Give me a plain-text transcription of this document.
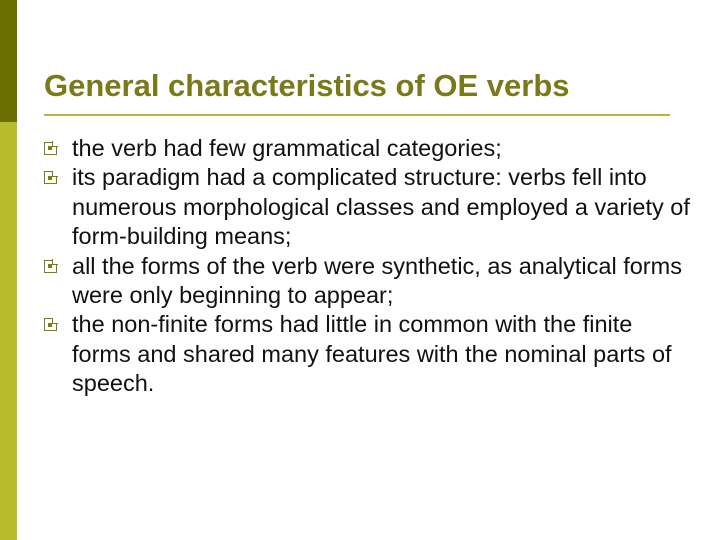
General characteristics of OE verbs
the verb had few grammatical categories;
its paradigm had a complicated structure: verbs fell into numerous morphological classes and employed a variety of form-building means;
all the forms of the verb were synthetic, as analytical forms were only beginning to appear;
the non-finite forms had little in common with the finite forms and shared many features with the nominal parts of speech.
